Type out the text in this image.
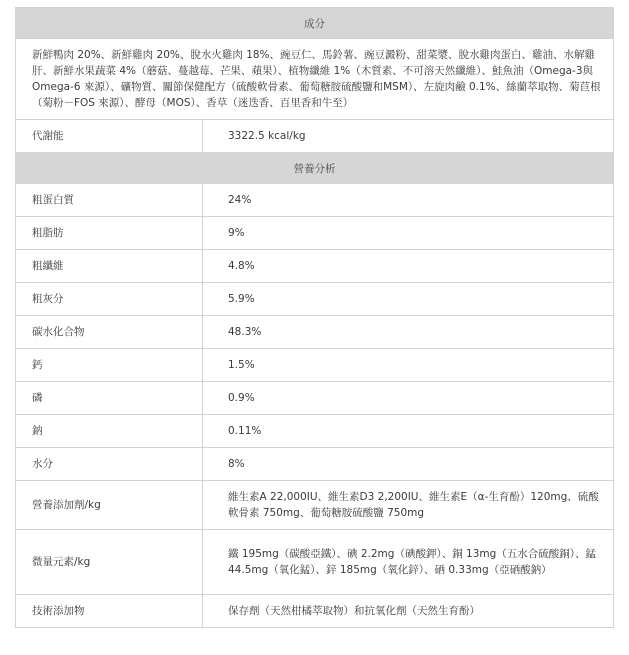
成分	
新鮮鴨肉 20%、新鮮雞肉 20%、脫水火雞肉 18%、豌豆仁、馬鈴薯、豌豆澱粉、甜菜漿、脫水雞肉蛋白、雞油、水解雞肝、新鮮水果蔬菜 4%（蘑菇、蔓越莓、芒果、蘋果）、植物纖維 1%（木質素、不可溶天然纖維）、鮭魚油（Omega-3與Omega-6 來源）、礦物質、關節保健配方（硫酸軟骨素、葡萄糖胺硫酸鹽和MSM）、左旋肉鹼 0.1%、絲蘭萃取物、菊苣根（菊粉－FOS 來源）、酵母（MOS）、香草（迷迭香、百里香和牛至）	
代謝能	3322.5 kcal/kg
營養分析	
粗蛋白質	24%
粗脂肪	9%
粗纖維	4.8%
粗灰分	5.9%
碳水化合物	48.3%
鈣	1.5%
磷	0.9%
鈉	0.11%
水分	8%
營養添加劑/kg	維生素A 22,000IU、維生素D3 2,200IU、維生素E（α-生育酚）120mg、硫酸軟骨素 750mg、葡萄糖胺硫酸鹽 750mg
微量元素/kg	鐵 195mg（碳酸亞鐵）、碘 2.2mg（碘酸鉀）、銅 13mg（五水合硫酸銅）、錳 44.5mg（氧化錳）、鋅 185mg（氧化鋅）、硒 0.33mg（亞硒酸鈉）
技術添加物	保存劑（天然柑橘萃取物）和抗氧化劑（天然生育酚）
